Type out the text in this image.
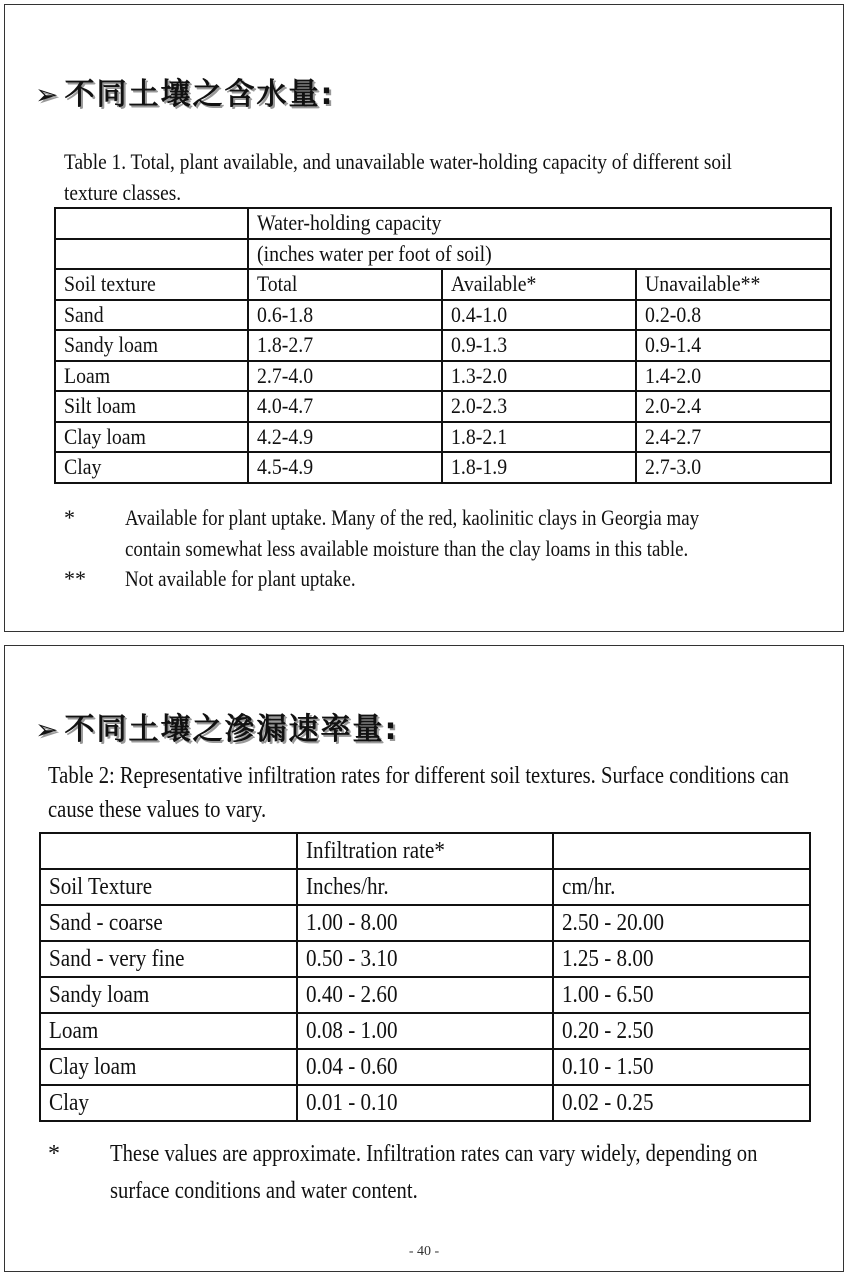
➢ 不同土壤之含水量:
Table 1. Total, plant available, and unavailable water-holding capacity of different soil
texture classes.
	Water-holding capacity		
	(inches water per foot of soil)		
Soil texture	Total	Available*	Unavailable**
Sand	0.6-1.8	0.4-1.0	0.2-0.8
Sandy loam	1.8-2.7	0.9-1.3	0.9-1.4
Loam	2.7-4.0	1.3-2.0	1.4-2.0
Silt loam	4.0-4.7	2.0-2.3	2.0-2.4
Clay loam	4.2-4.9	1.8-2.1	2.4-2.7
Clay	4.5-4.9	1.8-1.9	2.7-3.0
* Available for plant uptake. Many of the red, kaolinitic clays in Georgia may
contain somewhat less available moisture than the clay loams in this table.
** Not available for plant uptake.
➢ 不同土壤之滲漏速率量:
Table 2: Representative infiltration rates for different soil textures. Surface conditions can
cause these values to vary.
	Infiltration rate*	
Soil Texture	Inches/hr.	cm/hr.
Sand - coarse	1.00 - 8.00	2.50 - 20.00
Sand - very fine	0.50 - 3.10	1.25 - 8.00
Sandy loam	0.40 - 2.60	1.00 - 6.50
Loam	0.08 - 1.00	0.20 - 2.50
Clay loam	0.04 - 0.60	0.10 - 1.50
Clay	0.01 - 0.10	0.02 - 0.25
* These values are approximate. Infiltration rates can vary widely, depending on
surface conditions and water content.
- 40 -
